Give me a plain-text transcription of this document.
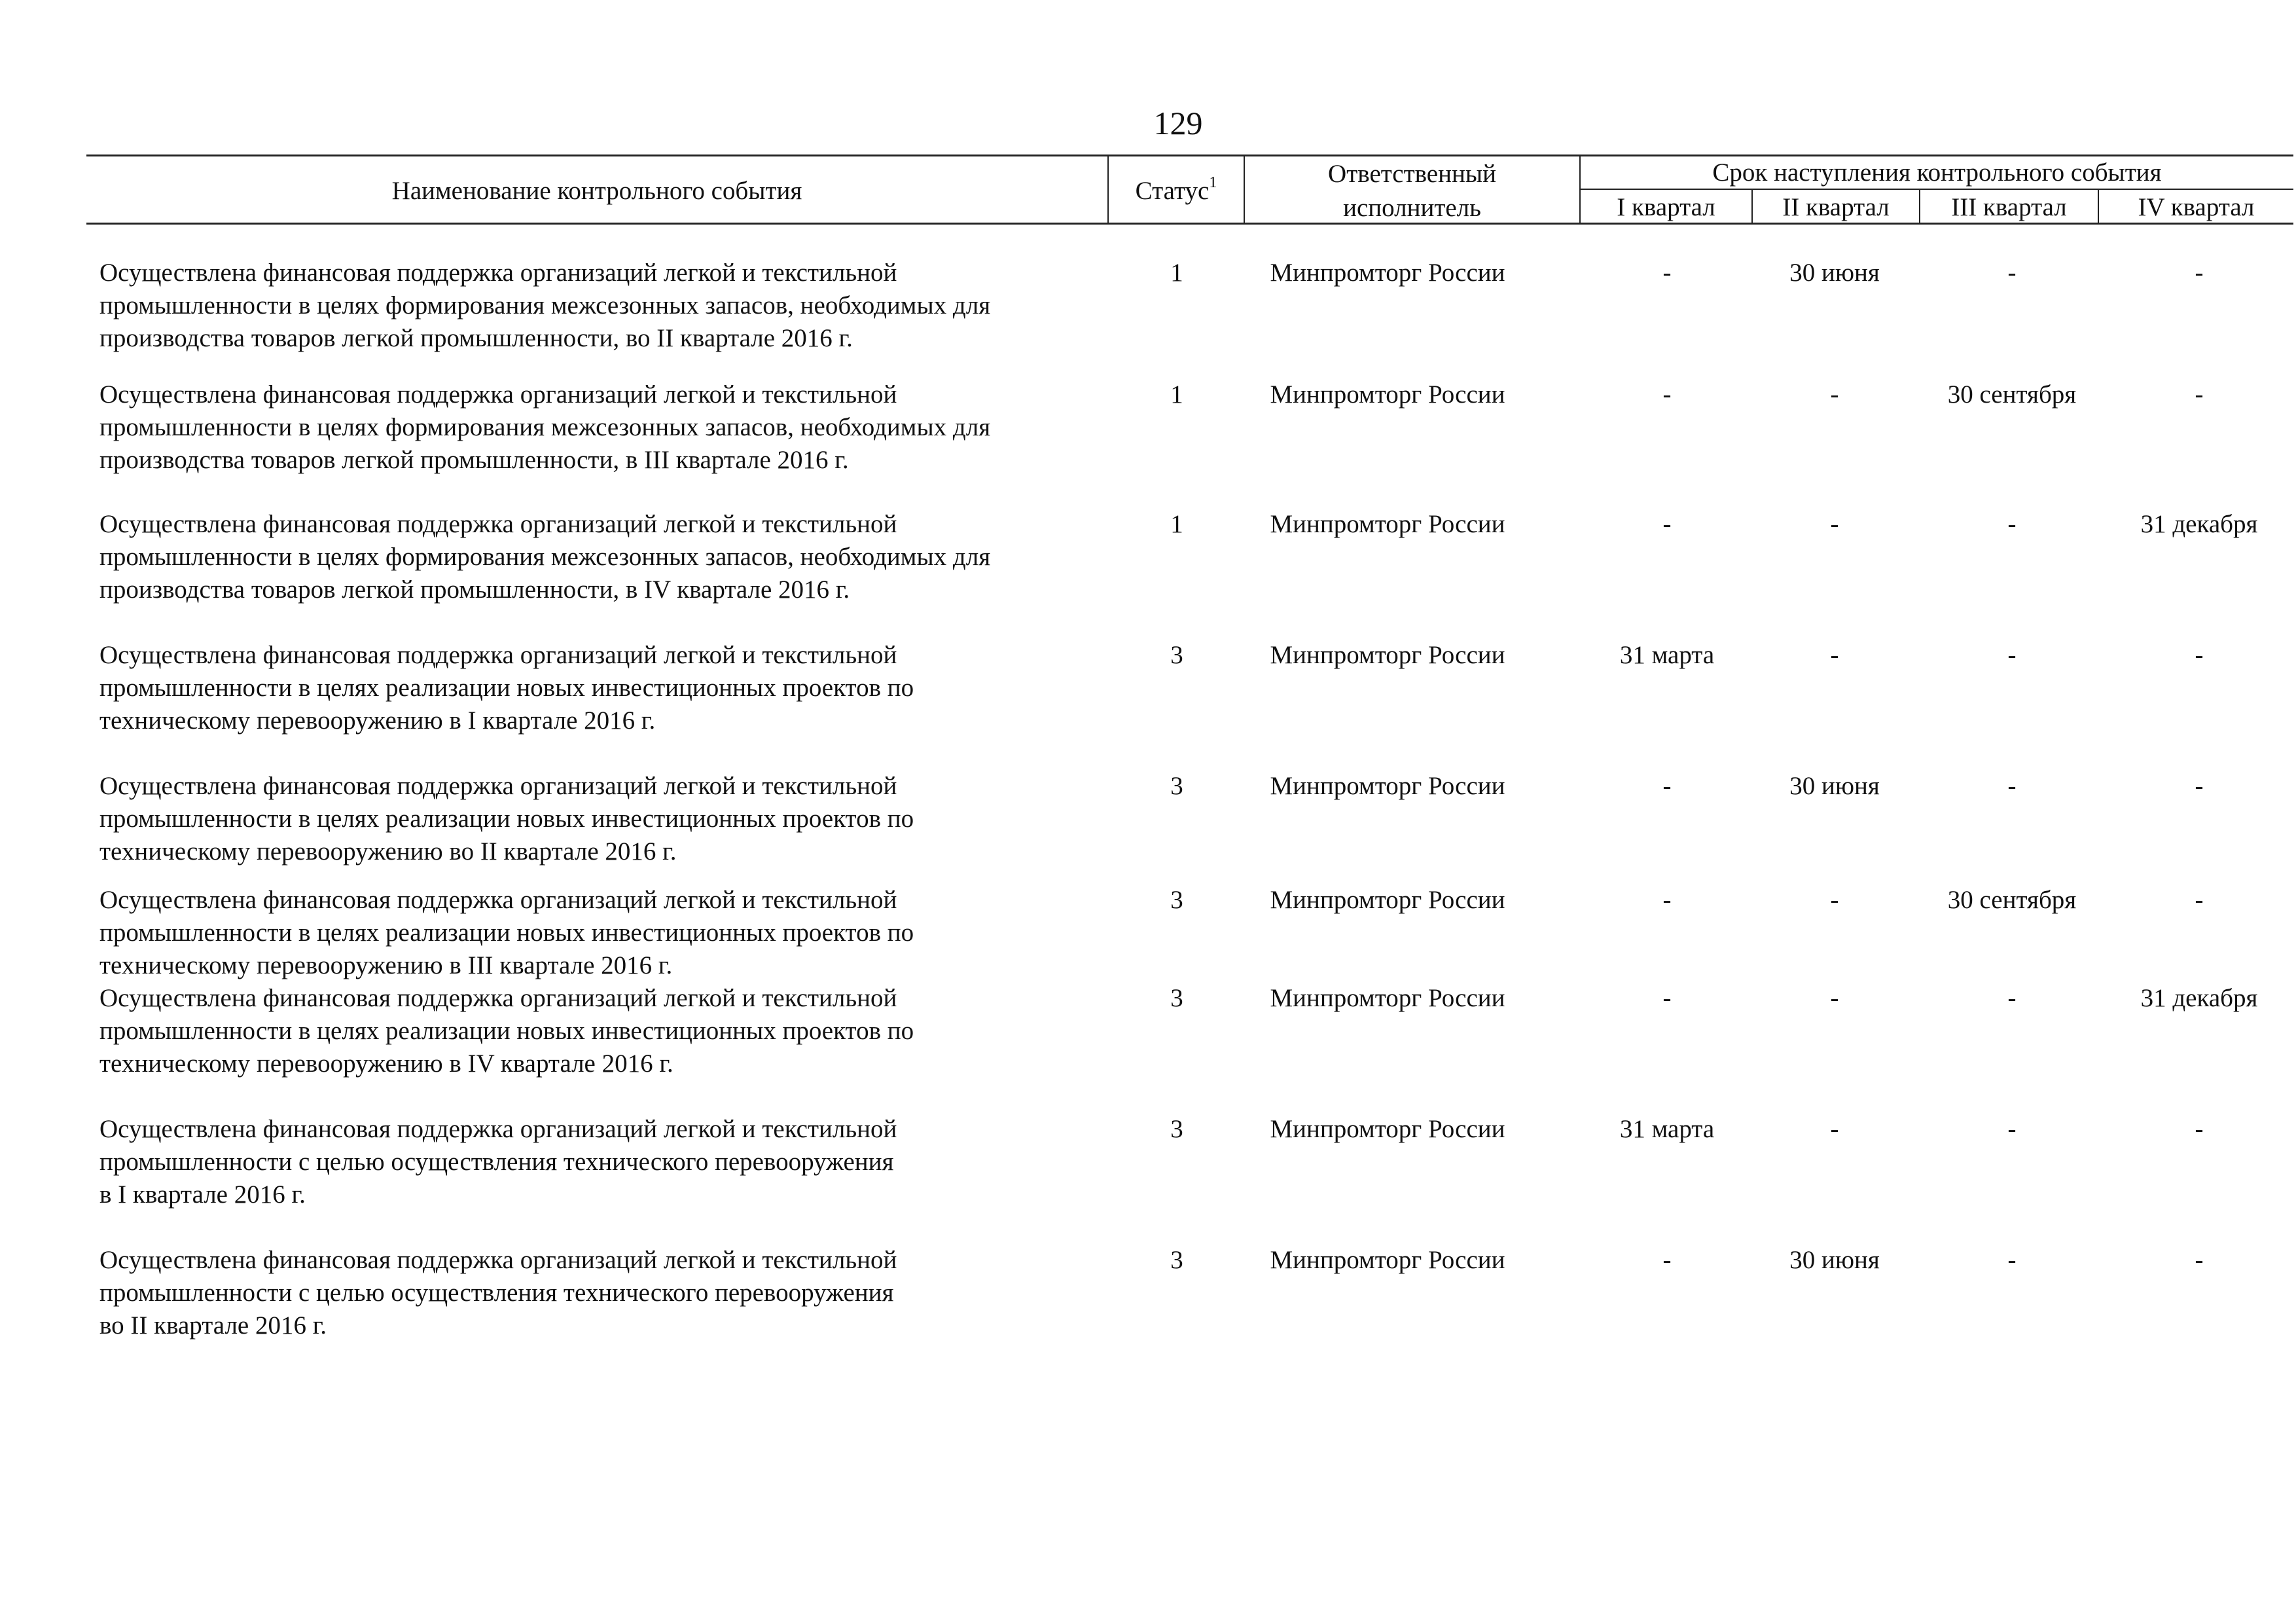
129
Наименование контрольного события	Статус$^1$	Ответственный
исполнитель
Срок наступления контрольного события
I квартал	II квартал	III квартал	IV квартал
Осуществлена финансовая поддержка организаций легкой и текстильной
промышленности в целях формирования межсезонных запасов, необходимых для
производства товаров легкой промышленности, во II квартале 2016 г.
1	Минпромторг России	-	30 июня	-	-
Осуществлена финансовая поддержка организаций легкой и текстильной
промышленности в целях формирования межсезонных запасов, необходимых для
производства товаров легкой промышленности, в III квартале 2016 г.
1	Минпромторг России	-	-	30 сентября	-
Осуществлена финансовая поддержка организаций легкой и текстильной
промышленности в целях формирования межсезонных запасов, необходимых для
производства товаров легкой промышленности, в IV квартале 2016 г.
1	Минпромторг России	-	-	-	31 декабря
Осуществлена финансовая поддержка организаций легкой и текстильной
промышленности в целях реализации новых инвестиционных проектов по
техническому перевооружению в I квартале 2016 г.
3	Минпромторг России	31 марта	-	-	-
Осуществлена финансовая поддержка организаций легкой и текстильной
промышленности в целях реализации новых инвестиционных проектов по
техническому перевооружению во II квартале 2016 г.
3	Минпромторг России	-	30 июня	-	-
Осуществлена финансовая поддержка организаций легкой и текстильной
промышленности в целях реализации новых инвестиционных проектов по
техническому перевооружению в III квартале 2016 г.
3	Минпромторг России	-	-	30 сентября	-
Осуществлена финансовая поддержка организаций легкой и текстильной
промышленности в целях реализации новых инвестиционных проектов по
техническому перевооружению в IV квартале 2016 г.
3	Минпромторг России	-	-	-	31 декабря
Осуществлена финансовая поддержка организаций легкой и текстильной
промышленности с целью осуществления технического перевооружения
в I квартале 2016 г.
3	Минпромторг России	31 марта	-	-	-
Осуществлена финансовая поддержка организаций легкой и текстильной
промышленности с целью осуществления технического перевооружения
во II квартале 2016 г.
3	Минпромторг России	-	30 июня	-	-
